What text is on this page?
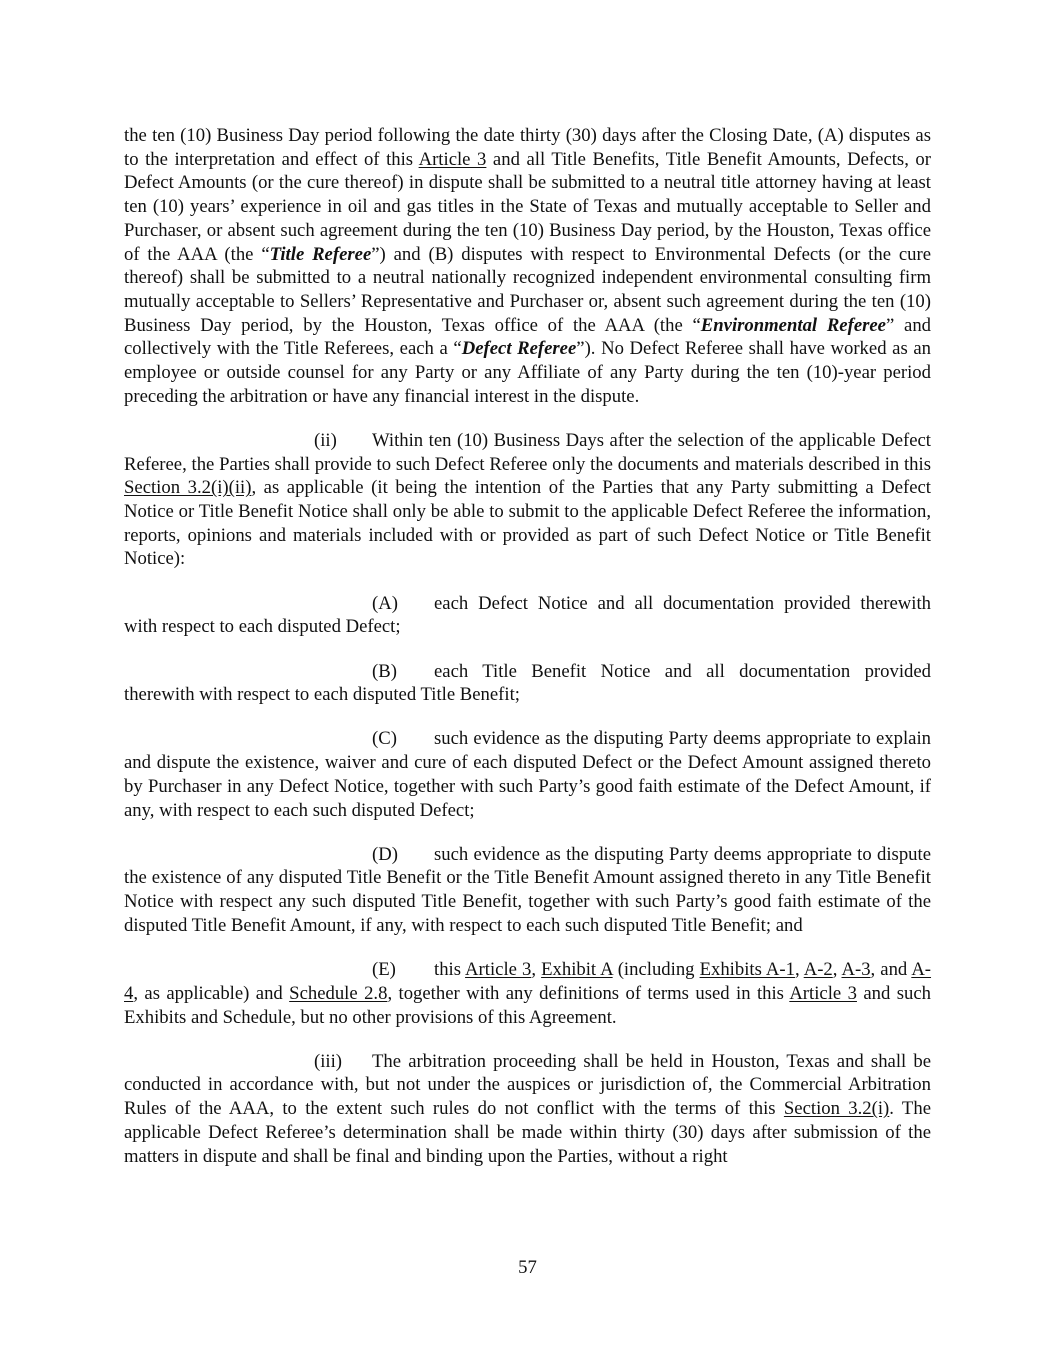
the ten (10) Business Day period following the date thirty (30) days after the Closing Date, (A) disputes as to the interpretation and effect of this Article 3 and all Title Benefits, Title Benefit Amounts, Defects, or Defect Amounts (or the cure thereof) in dispute shall be submitted to a neutral title attorney having at least ten (10) years’ experience in oil and gas titles in the State of Texas and mutually acceptable to Seller and Purchaser, or absent such agreement during the ten (10) Business Day period, by the Houston, Texas office of the AAA (the “Title Referee”) and (B) disputes with respect to Environmental Defects (or the cure thereof) shall be submitted to a neutral nationally recognized independent environmental consulting firm mutually acceptable to Sellers’ Representative and Purchaser or, absent such agreement during the ten (10) Business Day period, by the Houston, Texas office of the AAA (the “Environmental Referee” and collectively with the Title Referees, each a “Defect Referee”). No Defect Referee shall have worked as an employee or outside counsel for any Party or any Affiliate of any Party during the ten (10)-year period preceding the arbitration or have any financial interest in the dispute.

(ii) Within ten (10) Business Days after the selection of the applicable Defect Referee, the Parties shall provide to such Defect Referee only the documents and materials described in this Section 3.2(i)(ii), as applicable (it being the intention of the Parties that any Party submitting a Defect Notice or Title Benefit Notice shall only be able to submit to the applicable Defect Referee the information, reports, opinions and materials included with or provided as part of such Defect Notice or Title Benefit Notice):

(A) each Defect Notice and all documentation provided therewith with respect to each disputed Defect;

(B) each Title Benefit Notice and all documentation provided therewith with respect to each disputed Title Benefit;

(C) such evidence as the disputing Party deems appropriate to explain and dispute the existence, waiver and cure of each disputed Defect or the Defect Amount assigned thereto by Purchaser in any Defect Notice, together with such Party’s good faith estimate of the Defect Amount, if any, with respect to each such disputed Defect;

(D) such evidence as the disputing Party deems appropriate to dispute the existence of any disputed Title Benefit or the Title Benefit Amount assigned thereto in any Title Benefit Notice with respect any such disputed Title Benefit, together with such Party’s good faith estimate of the disputed Title Benefit Amount, if any, with respect to each such disputed Title Benefit; and

(E) this Article 3, Exhibit A (including Exhibits A-1, A-2, A-3, and A-4, as applicable) and Schedule 2.8, together with any definitions of terms used in this Article 3 and such Exhibits and Schedule, but no other provisions of this Agreement.

(iii) The arbitration proceeding shall be held in Houston, Texas and shall be conducted in accordance with, but not under the auspices or jurisdiction of, the Commercial Arbitration Rules of the AAA, to the extent such rules do not conflict with the terms of this Section 3.2(i). The applicable Defect Referee’s determination shall be made within thirty (30) days after submission of the matters in dispute and shall be final and binding upon the Parties, without a right

57
